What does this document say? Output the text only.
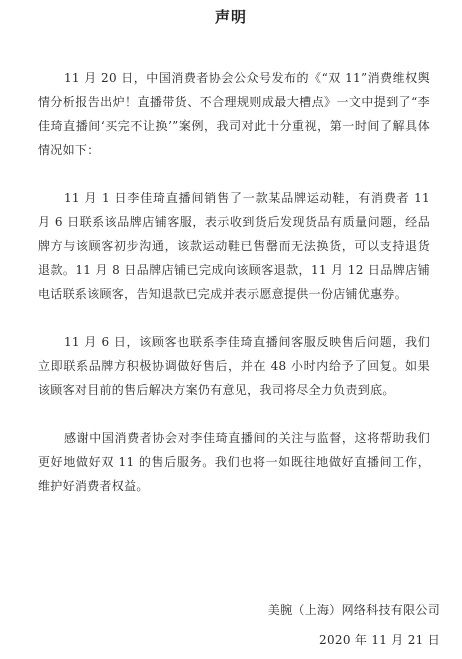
声明

11 月 20 日，中国消费者协会公众号发布的《“双 11”消费维权舆情分析报告出炉！直播带货、不合理规则成最大槽点》一文中提到了“李佳琦直播间‘买完不让换’”案例，我司对此十分重视，第一时间了解具体情况如下：

11 月 1 日李佳琦直播间销售了一款某品牌运动鞋，有消费者 11 月 6 日联系该品牌店铺客服，表示收到货后发现货品有质量问题，经品牌方与该顾客初步沟通，该款运动鞋已售罄而无法换货，可以支持退货退款。11 月 8 日品牌店铺已完成向该顾客退款，11 月 12 日品牌店铺电话联系该顾客，告知退款已完成并表示愿意提供一份店铺优惠券。

11 月 6 日，该顾客也联系李佳琦直播间客服反映售后问题，我们立即联系品牌方积极协调做好售后，并在 48 小时内给予了回复。如果该顾客对目前的售后解决方案仍有意见，我司将尽全力负责到底。

感谢中国消费者协会对李佳琦直播间的关注与监督，这将帮助我们更好地做好双 11 的售后服务。我们也将一如既往地做好直播间工作，维护好消费者权益。

美腕（上海）网络科技有限公司
2020 年 11 月 21 日
